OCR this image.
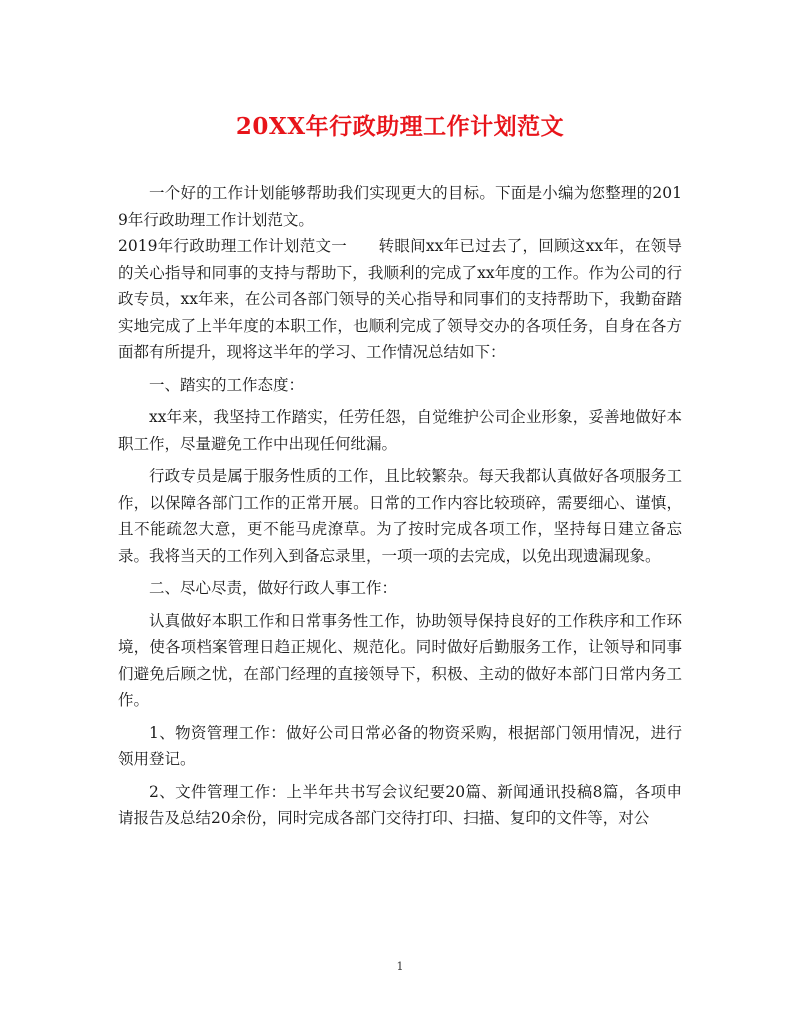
20XX年行政助理工作计划范文

一个好的工作计划能够帮助我们实现更大的目标。下面是小编为您整理的2019年行政助理工作计划范文。

2019年行政助理工作计划范文一　　转眼间xx年已过去了，回顾这xx年，在领导的关心指导和同事的支持与帮助下，我顺利的完成了xx年度的工作。作为公司的行政专员，xx年来，在公司各部门领导的关心指导和同事们的支持帮助下，我勤奋踏实地完成了上半年度的本职工作，也顺利完成了领导交办的各项任务，自身在各方面都有所提升，现将这半年的学习、工作情况总结如下：

一、踏实的工作态度：

xx年来，我坚持工作踏实，任劳任怨，自觉维护公司企业形象，妥善地做好本职工作，尽量避免工作中出现任何纰漏。

行政专员是属于服务性质的工作，且比较繁杂。每天我都认真做好各项服务工作，以保障各部门工作的正常开展。日常的工作内容比较琐碎，需要细心、谨慎，且不能疏忽大意，更不能马虎潦草。为了按时完成各项工作，坚持每日建立备忘录。我将当天的工作列入到备忘录里，一项一项的去完成，以免出现遗漏现象。

二、尽心尽责，做好行政人事工作：

认真做好本职工作和日常事务性工作，协助领导保持良好的工作秩序和工作环境，使各项档案管理日趋正规化、规范化。同时做好后勤服务工作，让领导和同事们避免后顾之忧，在部门经理的直接领导下，积极、主动的做好本部门日常内务工作。

1、物资管理工作：做好公司日常必备的物资采购，根据部门领用情况，进行领用登记。

2、文件管理工作：上半年共书写会议纪要20篇、新闻通讯投稿8篇，各项申请报告及总结20余份，同时完成各部门交待打印、扫描、复印的文件等，对公

1
